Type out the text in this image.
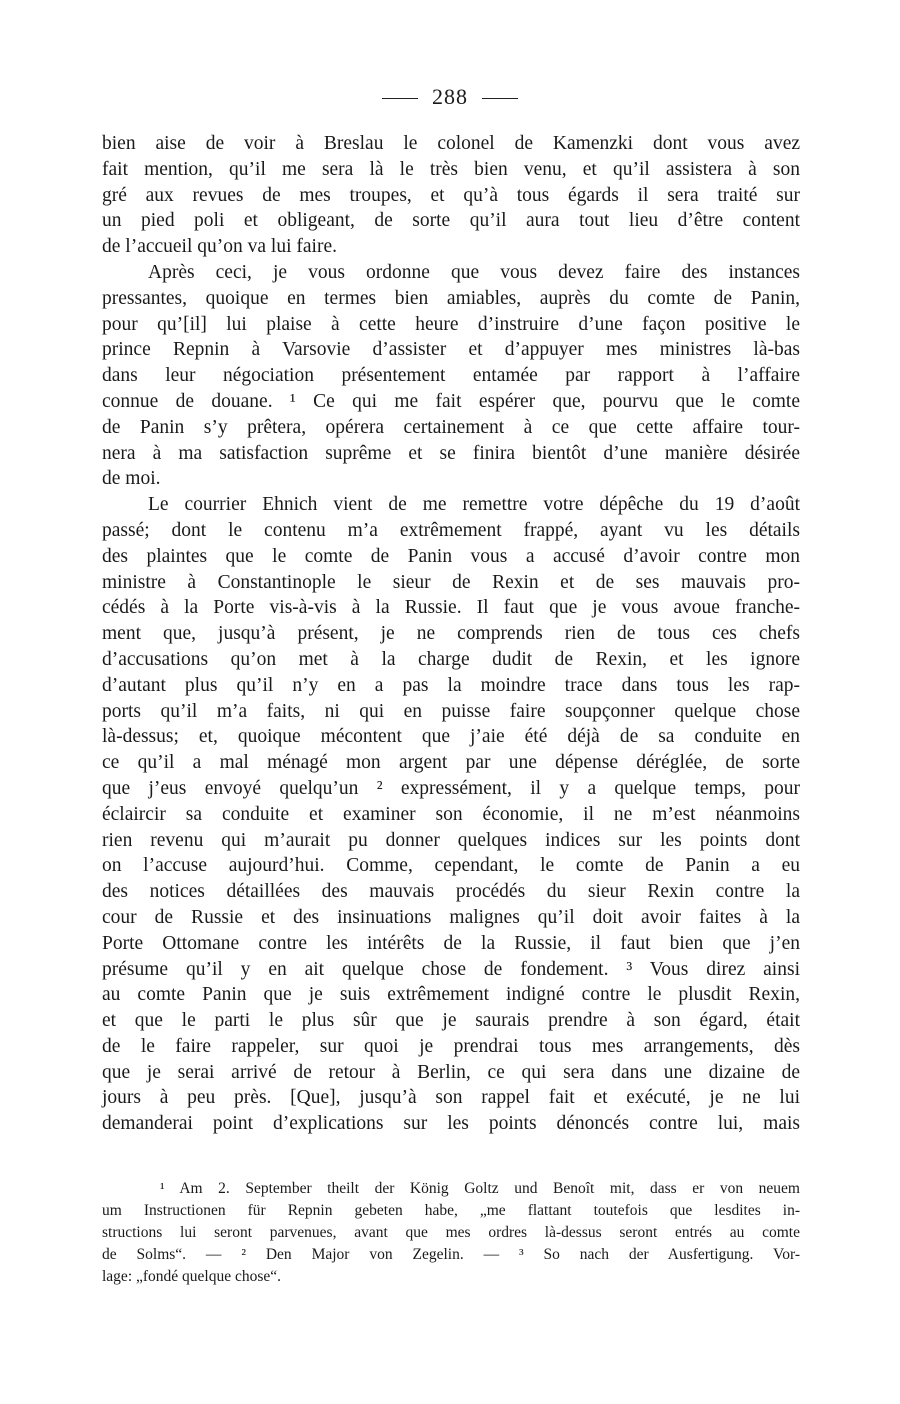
288
bien aise de voir à Breslau le colonel de Kamenzki dont vous avez
fait mention, qu’il me sera là le très bien venu, et qu’il assistera à son
gré aux revues de mes troupes, et qu’à tous égards il sera traité sur
un pied poli et obligeant, de sorte qu’il aura tout lieu d’être content
de l’accueil qu’on va lui faire.
Après ceci, je vous ordonne que vous devez faire des instances
pressantes, quoique en termes bien amiables, auprès du comte de Panin,
pour qu’[il] lui plaise à cette heure d’instruire d’une façon positive le
prince Repnin à Varsovie d’assister et d’appuyer mes ministres là-bas
dans leur négociation présentement entamée par rapport à l’affaire
connue de douane. ¹ Ce qui me fait espérer que, pourvu que le comte
de Panin s’y prêtera, opérera certainement à ce que cette affaire tour-
nera à ma satisfaction suprême et se finira bientôt d’une manière désirée
de moi.
Le courrier Ehnich vient de me remettre votre dépêche du 19 d’août
passé; dont le contenu m’a extrêmement frappé, ayant vu les détails
des plaintes que le comte de Panin vous a accusé d’avoir contre mon
ministre à Constantinople le sieur de Rexin et de ses mauvais pro-
cédés à la Porte vis-à-vis à la Russie. Il faut que je vous avoue franche-
ment que, jusqu’à présent, je ne comprends rien de tous ces chefs
d’accusations qu’on met à la charge dudit de Rexin, et les ignore
d’autant plus qu’il n’y en a pas la moindre trace dans tous les rap-
ports qu’il m’a faits, ni qui en puisse faire soupçonner quelque chose
là-dessus; et, quoique mécontent que j’aie été déjà de sa conduite en
ce qu’il a mal ménagé mon argent par une dépense déréglée, de sorte
que j’eus envoyé quelqu’un ² expressément, il y a quelque temps, pour
éclaircir sa conduite et examiner son économie, il ne m’est néanmoins
rien revenu qui m’aurait pu donner quelques indices sur les points dont
on l’accuse aujourd’hui. Comme, cependant, le comte de Panin a eu
des notices détaillées des mauvais procédés du sieur Rexin contre la
cour de Russie et des insinuations malignes qu’il doit avoir faites à la
Porte Ottomane contre les intérêts de la Russie, il faut bien que j’en
présume qu’il y en ait quelque chose de fondement. ³ Vous direz ainsi
au comte Panin que je suis extrêmement indigné contre le plusdit Rexin,
et que le parti le plus sûr que je saurais prendre à son égard, était
de le faire rappeler, sur quoi je prendrai tous mes arrangements, dès
que je serai arrivé de retour à Berlin, ce qui sera dans une dizaine de
jours à peu près. [Que], jusqu’à son rappel fait et exécuté, je ne lui
demanderai point d’explications sur les points dénoncés contre lui, mais
¹ Am 2. September theilt der König Goltz und Benoît mit, dass er von neuem
um Instructionen für Repnin gebeten habe, „me flattant toutefois que lesdites in-
structions lui seront parvenues, avant que mes ordres là-dessus seront entrés au comte
de Solms“. — ² Den Major von Zegelin. — ³ So nach der Ausfertigung. Vor-
lage: „fondé quelque chose“.
